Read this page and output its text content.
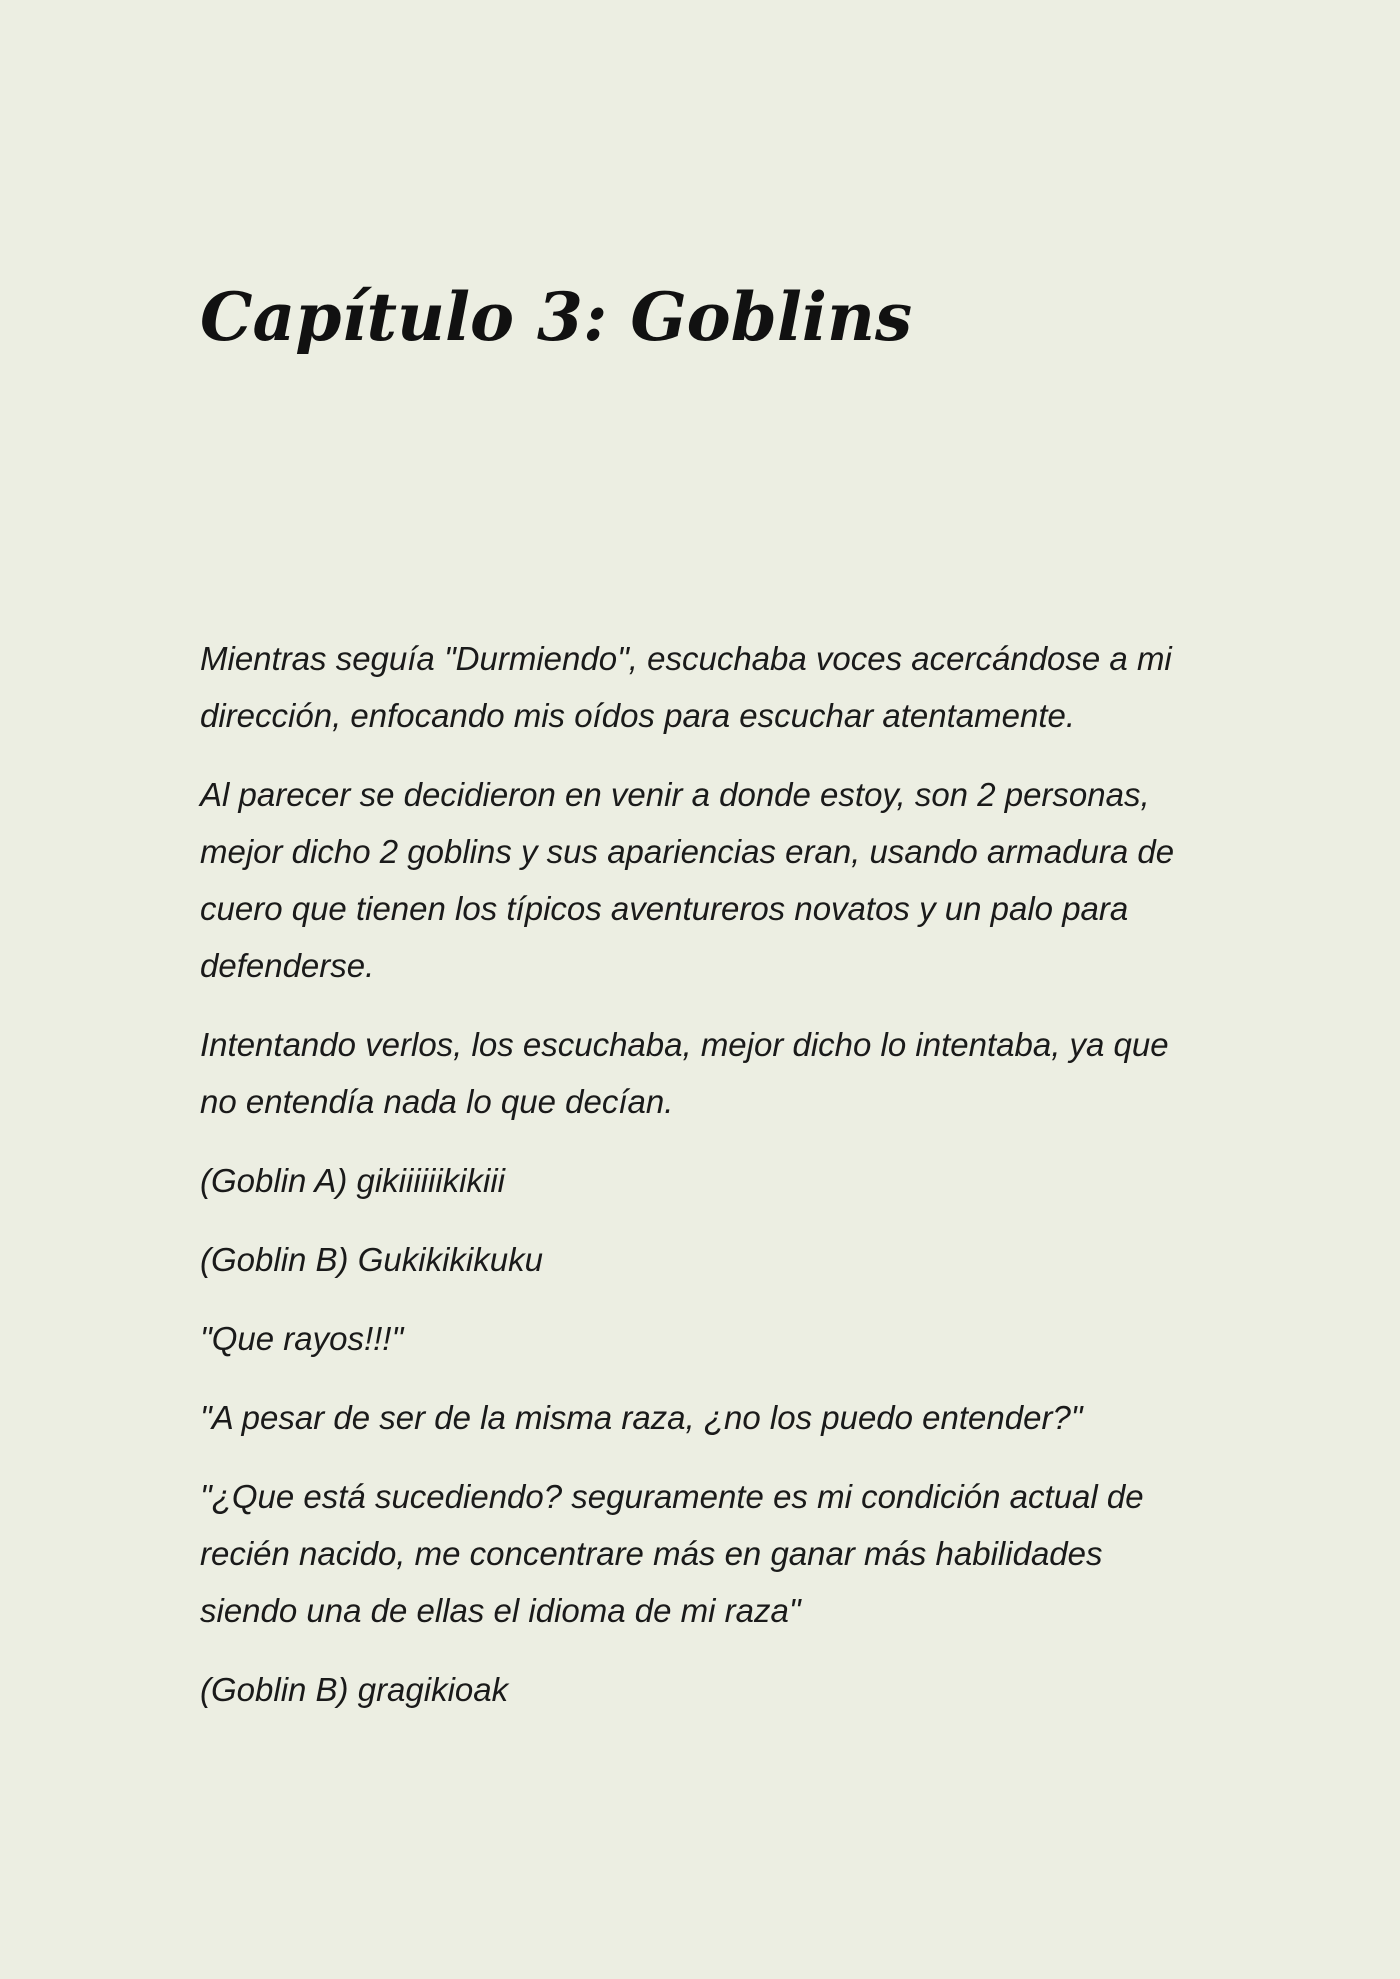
Capítulo 3: Goblins

Mientras seguía "Durmiendo", escuchaba voces acercándose a mi dirección, enfocando mis oídos para escuchar atentamente.

Al parecer se decidieron en venir a donde estoy, son 2 personas, mejor dicho 2 goblins y sus apariencias eran, usando armadura de cuero que tienen los típicos aventureros novatos y un palo para defenderse.

Intentando verlos, los escuchaba, mejor dicho lo intentaba, ya que no entendía nada lo que decían.

(Goblin A) gikiiiiiikikiii

(Goblin B) Gukikikikuku

"Que rayos!!!"

"A pesar de ser de la misma raza, ¿no los puedo entender?"

"¿Que está sucediendo? seguramente es mi condición actual de recién nacido, me concentrare más en ganar más habilidades siendo una de ellas el idioma de mi raza"

(Goblin B) gragikioak
